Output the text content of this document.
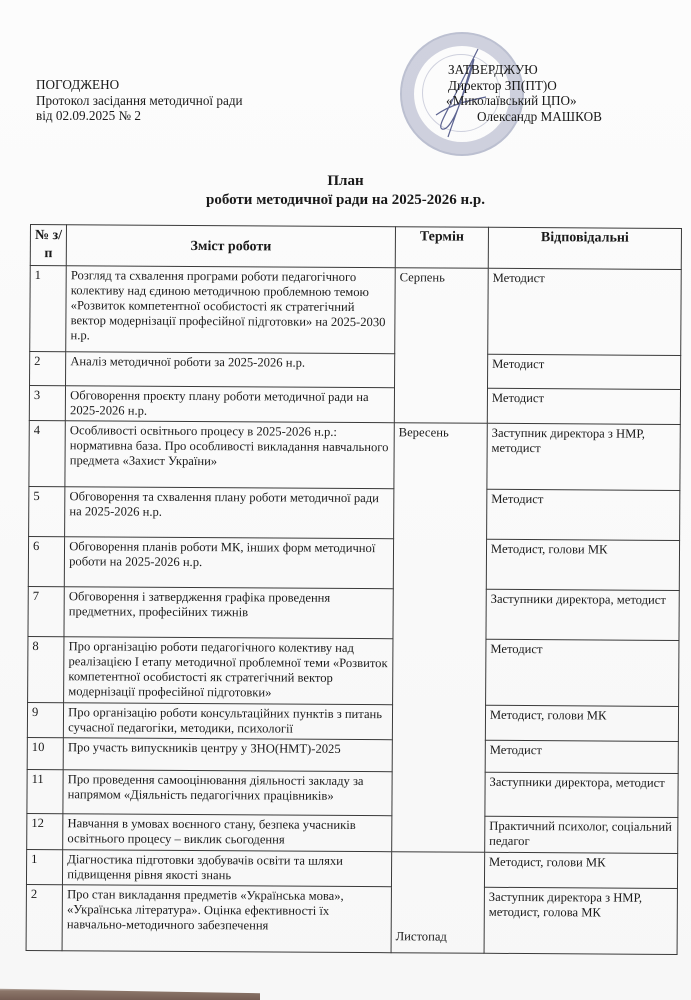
ПОГОДЖЕНО
Протокол засідання методичної ради
від 02.09.2025 № 2
ЗАТВЕРДЖУЮ
Директор ЗП(ПТ)О
«Миколаївський ЦПО»
Олександр МАШКОВ
План
роботи методичної ради на 2025-2026 н.р.
№ з/п	Зміст роботи	Термін	Відповідальні
1	Розгляд та схвалення програми роботи педагогічного колективу над єдиною методичною проблемною темою «Розвиток компетентної особистості як стратегічний вектор модернізації професійної підготовки» на 2025-2030 н.р.	Серпень	Методист
2	Аналіз методичної роботи за 2025-2026 н.р.		Методист
3	Обговорення проєкту плану роботи методичної ради на 2025-2026 н.р.		Методист
4	Особливості освітнього процесу в 2025-2026 н.р.: нормативна база. Про особливості викладання навчального предмета «Захист України»	Вересень	Заступник директора з НМР, методист
5	Обговорення та схвалення плану роботи методичної ради на 2025-2026 н.р.		Методист
6	Обговорення планів роботи МК, інших форм методичної роботи на 2025-2026 н.р.		Методист, голови МК
7	Обговорення і затвердження графіка проведення предметних, професійних тижнів		Заступники директора, методист
8	Про організацію роботи педагогічного колективу над реалізацією І етапу методичної проблемної теми «Розвиток компетентної особистості як стратегічний вектор модернізації професійної підготовки»		Методист
9	Про організацію роботи консультаційних пунктів з питань сучасної педагогіки, методики, психології		Методист, голови МК
10	Про участь випускників центру у ЗНО(НМТ)-2025		Методист
11	Про проведення самооцінювання діяльності закладу за напрямом «Діяльність педагогічних працівників»		Заступники директора, методист
12	Навчання в умовах воєнного стану, безпека учасників освітнього процесу – виклик сьогодення		Практичний психолог, соціальний педагог
1	Діагностика підготовки здобувачів освіти та шляхи підвищення рівня якості знань	Листопад	Методист, голови МК
2	Про стан викладання предметів «Українська мова», «Українська література». Оцінка ефективності їх навчально-методичного забезпечення		Заступник директора з НМР, методист, голова МК
